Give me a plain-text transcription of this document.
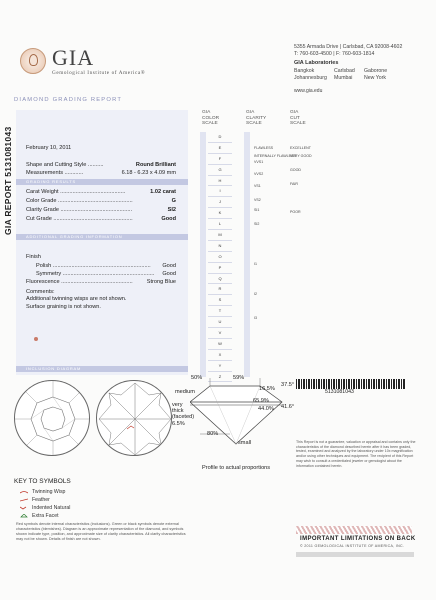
GIA
Gemological Institute of America®
5355 Armada Drive | Carlsbad, CA 92008-4602
T: 760-603-4500 | F: 760-603-1814
GIA Laboratories
Bangkok	Carlsbad	Gaborone
Johannesburg	Mumbai	New York
www.gia.edu
DIAMOND GRADING REPORT
GIA REPORT 5131081043 February 10, 2011
Shape and Cutting Style ..........	Round Brilliant
Measurements ............	6.18 - 6.23 x 4.09 mm
GRADING RESULTS
Carat Weight ..........................................	1.02 carat
Color Grade ................................................	G
Clarity Grade ..............................................	SI2
Cut Grade ...................................................	Good
ADDITIONAL GRADING INFORMATION
Finish
Polish ...............................................................	Good
Symmetry ...........................................................	Good
Fluorescence ..............................................	Strong Blue
Comments:
Additional twinning wisps are not shown.
Surface graining is not shown.
INCLUSION DIAGRAM
GIA
COLOR
SCALE
D
E
F
G
H
I
J
K
L
M
N
O
P
Q
R
S
T
U
V
W
X
Y
Z
GIA
CLARITY
SCALE
FLAWLESS
INTERNALLY FLAWLESS
VVS1
VVS2
VS1
VS2
SI1
SI2
I1
I2
I3
GIA
CUT
SCALE
EXCELLENT
VERY GOOD
GOOD
FAIR
POOR
50%	59%
medium
very
thick
(faceted)
6.5%
16.5%
37.5°
65.9%
44.0% 41.6°
80%
small
Profile to actual proportions
5131081043
KEY TO SYMBOLS
Twinning Wisp
Feather
Indented Natural
Extra Facet
Red symbols denote internal characteristics (inclusions). Green or black symbols denote external characteristics (blemishes). Diagram is an approximate representation of the diamond, and symbols shown indicate type, position, and approximate size of clarity characteristics. All clarity characteristics may not be shown. Details of finish are not shown.
This Report is not a guarantee, valuation or appraisal and contains only the characteristics of the diamond described herein after it has been graded, tested, examined and analyzed by the laboratory under 10x magnification and/or using other techniques and equipment. The recipient of this Report may wish to consult a credentialed jeweler or gemologist about the information contained herein.
IMPORTANT LIMITATIONS ON BACK
© 2011 GEMOLOGICAL INSTITUTE OF AMERICA, INC.
